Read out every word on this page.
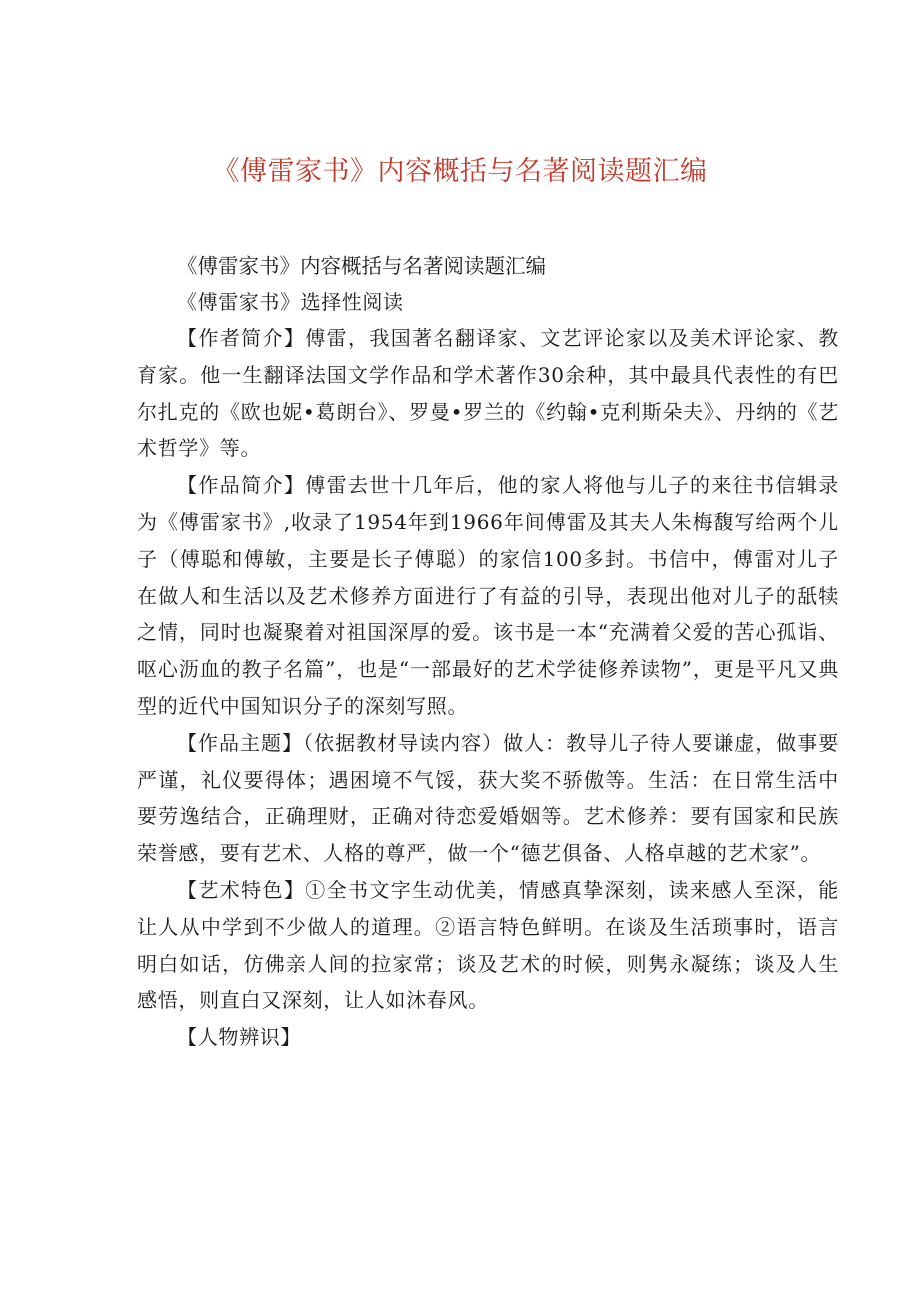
《傅雷家书》内容概括与名著阅读题汇编
《傅雷家书》内容概括与名著阅读题汇编
《傅雷家书》选择性阅读

【作者简介】傅雷，我国著名翻译家、文艺评论家以及美术评论家、教育家。他一生翻译法国文学作品和学术著作30余种，其中最具代表性的有巴尔扎克的《欧也妮•葛朗台》、罗曼•罗兰的《约翰•克利斯朵夫》、丹纳的《艺术哲学》等。

【作品简介】傅雷去世十几年后，他的家人将他与儿子的来往书信辑录为《傅雷家书》,收录了1954年到1966年间傅雷及其夫人朱梅馥写给两个儿子（傅聪和傅敏，主要是长子傅聪）的家信100多封。书信中，傅雷对儿子在做人和生活以及艺术修养方面进行了有益的引导，表现出他对儿子的舐犊之情，同时也凝聚着对祖国深厚的爱。该书是一本“充满着父爱的苦心孤诣、呕心沥血的教子名篇”，也是“一部最好的艺术学徒修养读物”，更是平凡又典型的近代中国知识分子的深刻写照。

【作品主题】（依据教材导读内容）做人：教导儿子待人要谦虚，做事要严谨，礼仪要得体；遇困境不气馁，获大奖不骄傲等。生活：在日常生活中要劳逸结合，正确理财，正确对待恋爱婚姻等。艺术修养：要有国家和民族荣誉感，要有艺术、人格的尊严，做一个“德艺俱备、人格卓越的艺术家”。

【艺术特色】①全书文字生动优美，情感真挚深刻，读来感人至深，能让人从中学到不少做人的道理。②语言特色鲜明。在谈及生活琐事时，语言明白如话，仿佛亲人间的拉家常；谈及艺术的时候，则隽永凝练；谈及人生感悟，则直白又深刻，让人如沐春风。

【人物辨识】
